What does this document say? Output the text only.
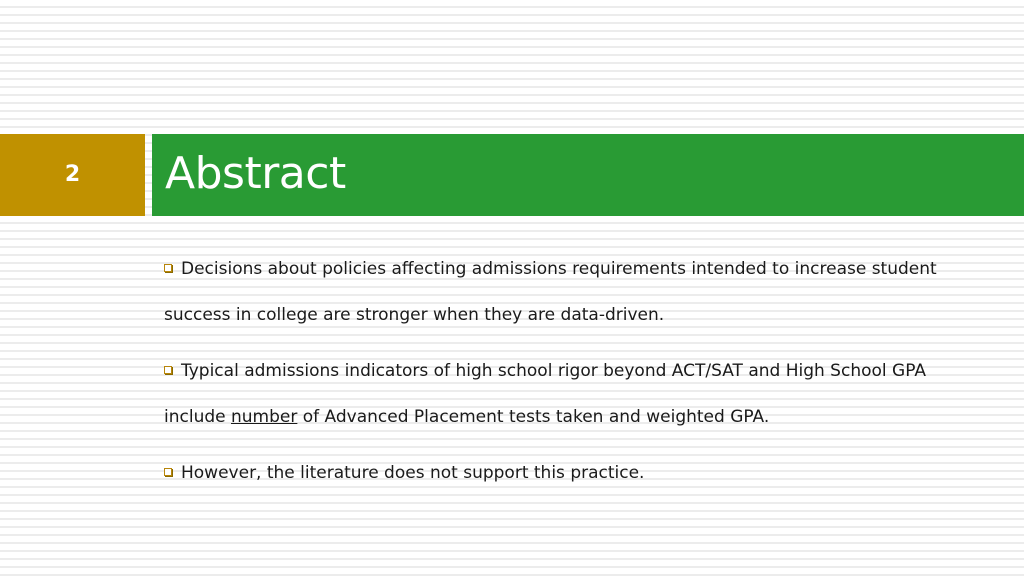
2	Abstract
Decisions about policies affecting admissions requirements intended to increase student success in college are stronger when they are data-driven.
Typical admissions indicators of high school rigor beyond ACT/SAT and High School GPA include number of Advanced Placement tests taken and weighted GPA.
However, the literature does not support this practice.
